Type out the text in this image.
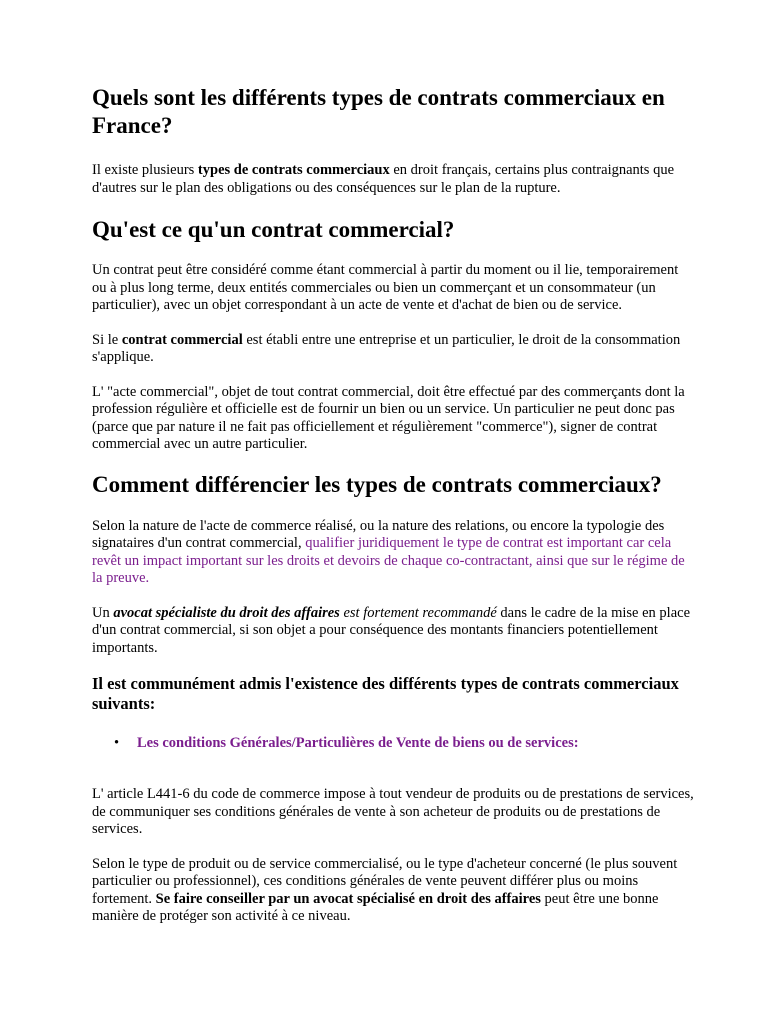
Quels sont les différents types de contrats commerciaux en
France?

Il existe plusieurs types de contrats commerciaux en droit français, certains plus contraignants que d'autres sur le plan des obligations ou des conséquences sur le plan de la rupture.

Qu'est ce qu'un contrat commercial?

Un contrat peut être considéré comme étant commercial à partir du moment ou il lie, temporairement ou à plus long terme, deux entités commerciales ou bien un commerçant et un consommateur (un particulier), avec un objet correspondant à un acte de vente et d'achat de bien ou de service.

Si le contrat commercial est établi entre une entreprise et un particulier, le droit de la consommation s'applique.

L' "acte commercial", objet de tout contrat commercial, doit être effectué par des commerçants dont la profession régulière et officielle est de fournir un bien ou un service. Un particulier ne peut donc pas (parce que par nature il ne fait pas officiellement et régulièrement "commerce"), signer de contrat commercial avec un autre particulier.

Comment différencier les types de contrats commerciaux?

Selon la nature de l'acte de commerce réalisé, ou la nature des relations, ou encore la typologie des signataires d'un contrat commercial, qualifier juridiquement le type de contrat est important car cela revêt un impact important sur les droits et devoirs de chaque co-contractant, ainsi que sur le régime de la preuve.

Un avocat spécialiste du droit des affaires est fortement recommandé dans le cadre de la mise en place d'un contrat commercial, si son objet a pour conséquence des montants financiers potentiellement importants.

Il est communément admis l'existence des différents types de contrats commerciaux suivants:
• Les conditions Générales/Particulières de Vente de biens ou de services:

L' article L441-6 du code de commerce impose à tout vendeur de produits ou de prestations de services, de communiquer ses conditions générales de vente à son acheteur de produits ou de prestations de services.

Selon le type de produit ou de service commercialisé, ou le type d'acheteur concerné (le plus souvent particulier ou professionnel), ces conditions générales de vente peuvent différer plus ou moins fortement. Se faire conseiller par un avocat spécialisé en droit des affaires peut être une bonne manière de protéger son activité à ce niveau.
